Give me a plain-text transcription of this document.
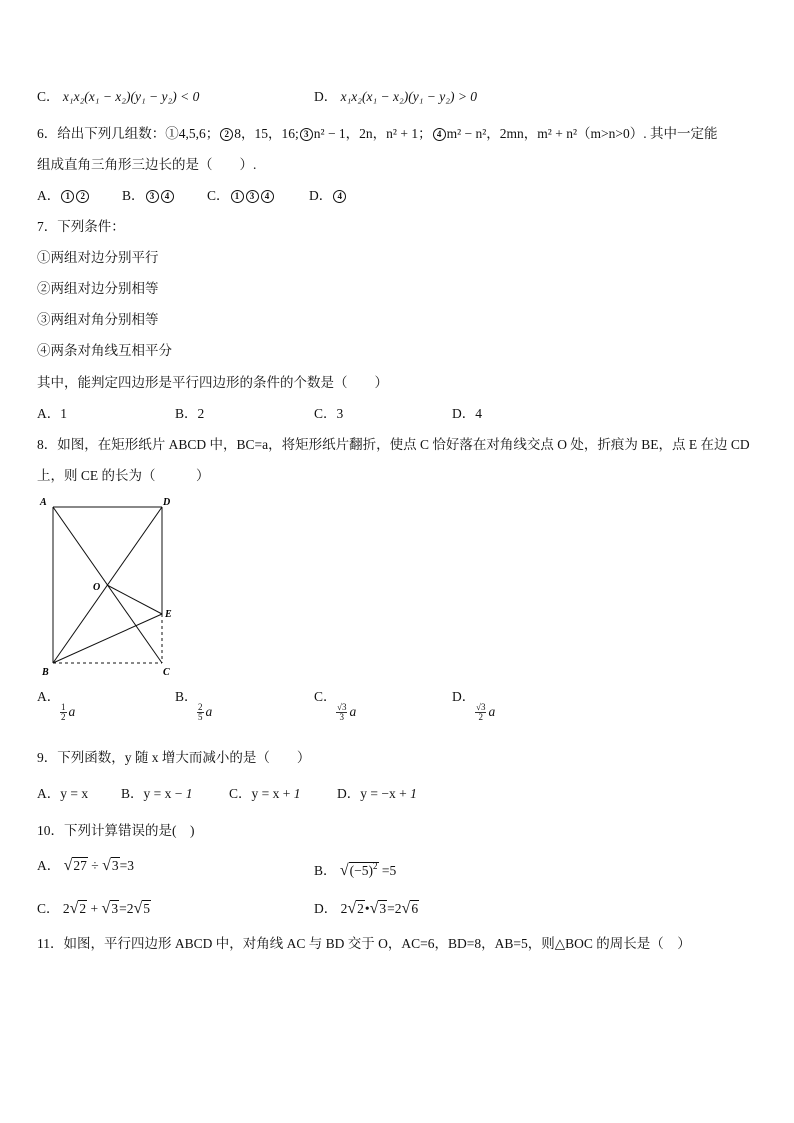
C． x₁x₂(x₁ − x₂)(y₁ − y₂) < 0	D． x₁x₂(x₁ − x₂)(y₁ − y₂) > 0
6．给出下列几组数：①4,5,6； 2 8，15，16; 3 n² − 1，2n，n² + 1； 4 m² − n²，2mn，m² + n²（m>n>0）. 其中一定能
组成直角三角形三边长的是（　　）.
A． 1 2	B． 3 4	C． 1 3 4	D． 4
7．下列条件：
①两组对边分别平行
②两组对边分别相等
③两组对角分别相等
④两条对角线互相平分
其中，能判定四边形是平行四边形的条件的个数是（　　）
A．1	B．2	C．3	D．4
8．如图，在矩形纸片 ABCD 中，BC=a，将矩形纸片翻折，使点 C 恰好落在对角线交点 O 处，折痕为 BE，点 E 在边 CD
上，则 CE 的长为（　　　）
A	D
O
E
B	C
A．
$\frac{1}{2}$ a
B．
$\frac{2}{5}$ a
C．
$\frac{√3}{3}$ a
D．
$\frac{√3}{2}$ a
9．下列函数，y 随 x 增大而减小的是（　　）
A．y = x B．y = x − 1	C．y = x + 1	D．y = −x + 1
10．下列计算错误的是(　)
A． √27 ÷ √3=3	B． $√(-5)^2 =5$
C． 2√2 + √3=2√5	D． 2√2•√3=2√6
11．如图，平行四边形 ABCD 中，对角线 AC 与 BD 交于 O，AC=6，BD=8，AB=5，则△BOC 的周长是（　）
